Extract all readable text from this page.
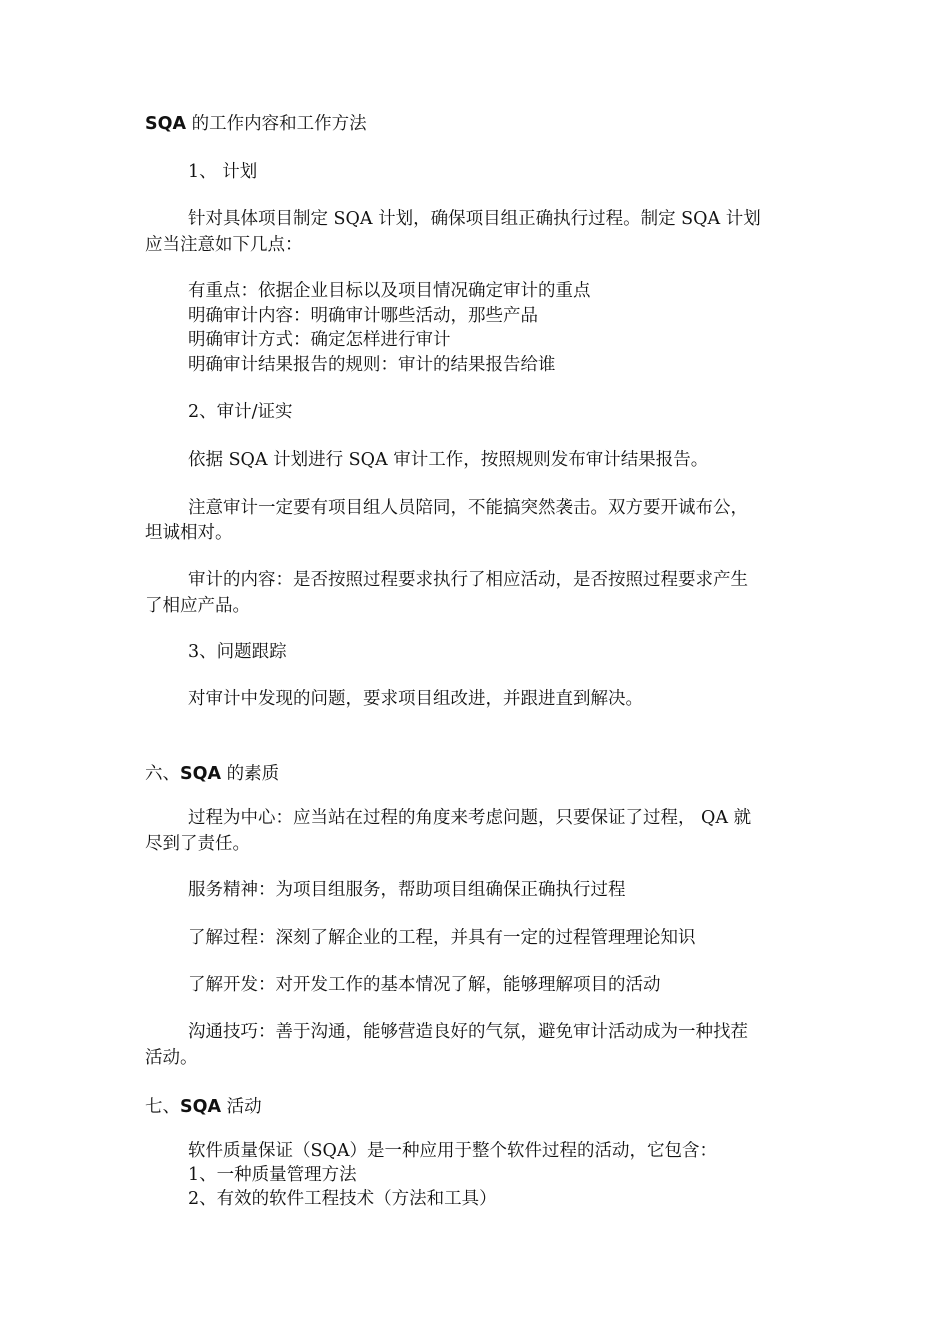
SQA 的工作内容和工作方法
1、 计划
针对具体项目制定 SQA 计划，确保项目组正确执行过程。制定 SQA 计划
应当注意如下几点：
有重点：依据企业目标以及项目情况确定审计的重点
明确审计内容：明确审计哪些活动，那些产品
明确审计方式：确定怎样进行审计
明确审计结果报告的规则：审计的结果报告给谁
2、审计/证实
依据 SQA 计划进行 SQA 审计工作，按照规则发布审计结果报告。
注意审计一定要有项目组人员陪同，不能搞突然袭击。双方要开诚布公，
坦诚相对。
审计的内容：是否按照过程要求执行了相应活动，是否按照过程要求产生
了相应产品。
3、问题跟踪
对审计中发现的问题，要求项目组改进，并跟进直到解决。
六、SQA 的素质
过程为中心：应当站在过程的角度来考虑问题，只要保证了过程， QA 就
尽到了责任。
服务精神：为项目组服务，帮助项目组确保正确执行过程
了解过程：深刻了解企业的工程，并具有一定的过程管理理论知识
了解开发：对开发工作的基本情况了解，能够理解项目的活动
沟通技巧：善于沟通，能够营造良好的气氛，避免审计活动成为一种找茬
活动。
七、SQA 活动
软件质量保证（SQA）是一种应用于整个软件过程的活动，它包含：
1、一种质量管理方法
2、有效的软件工程技术（方法和工具）
